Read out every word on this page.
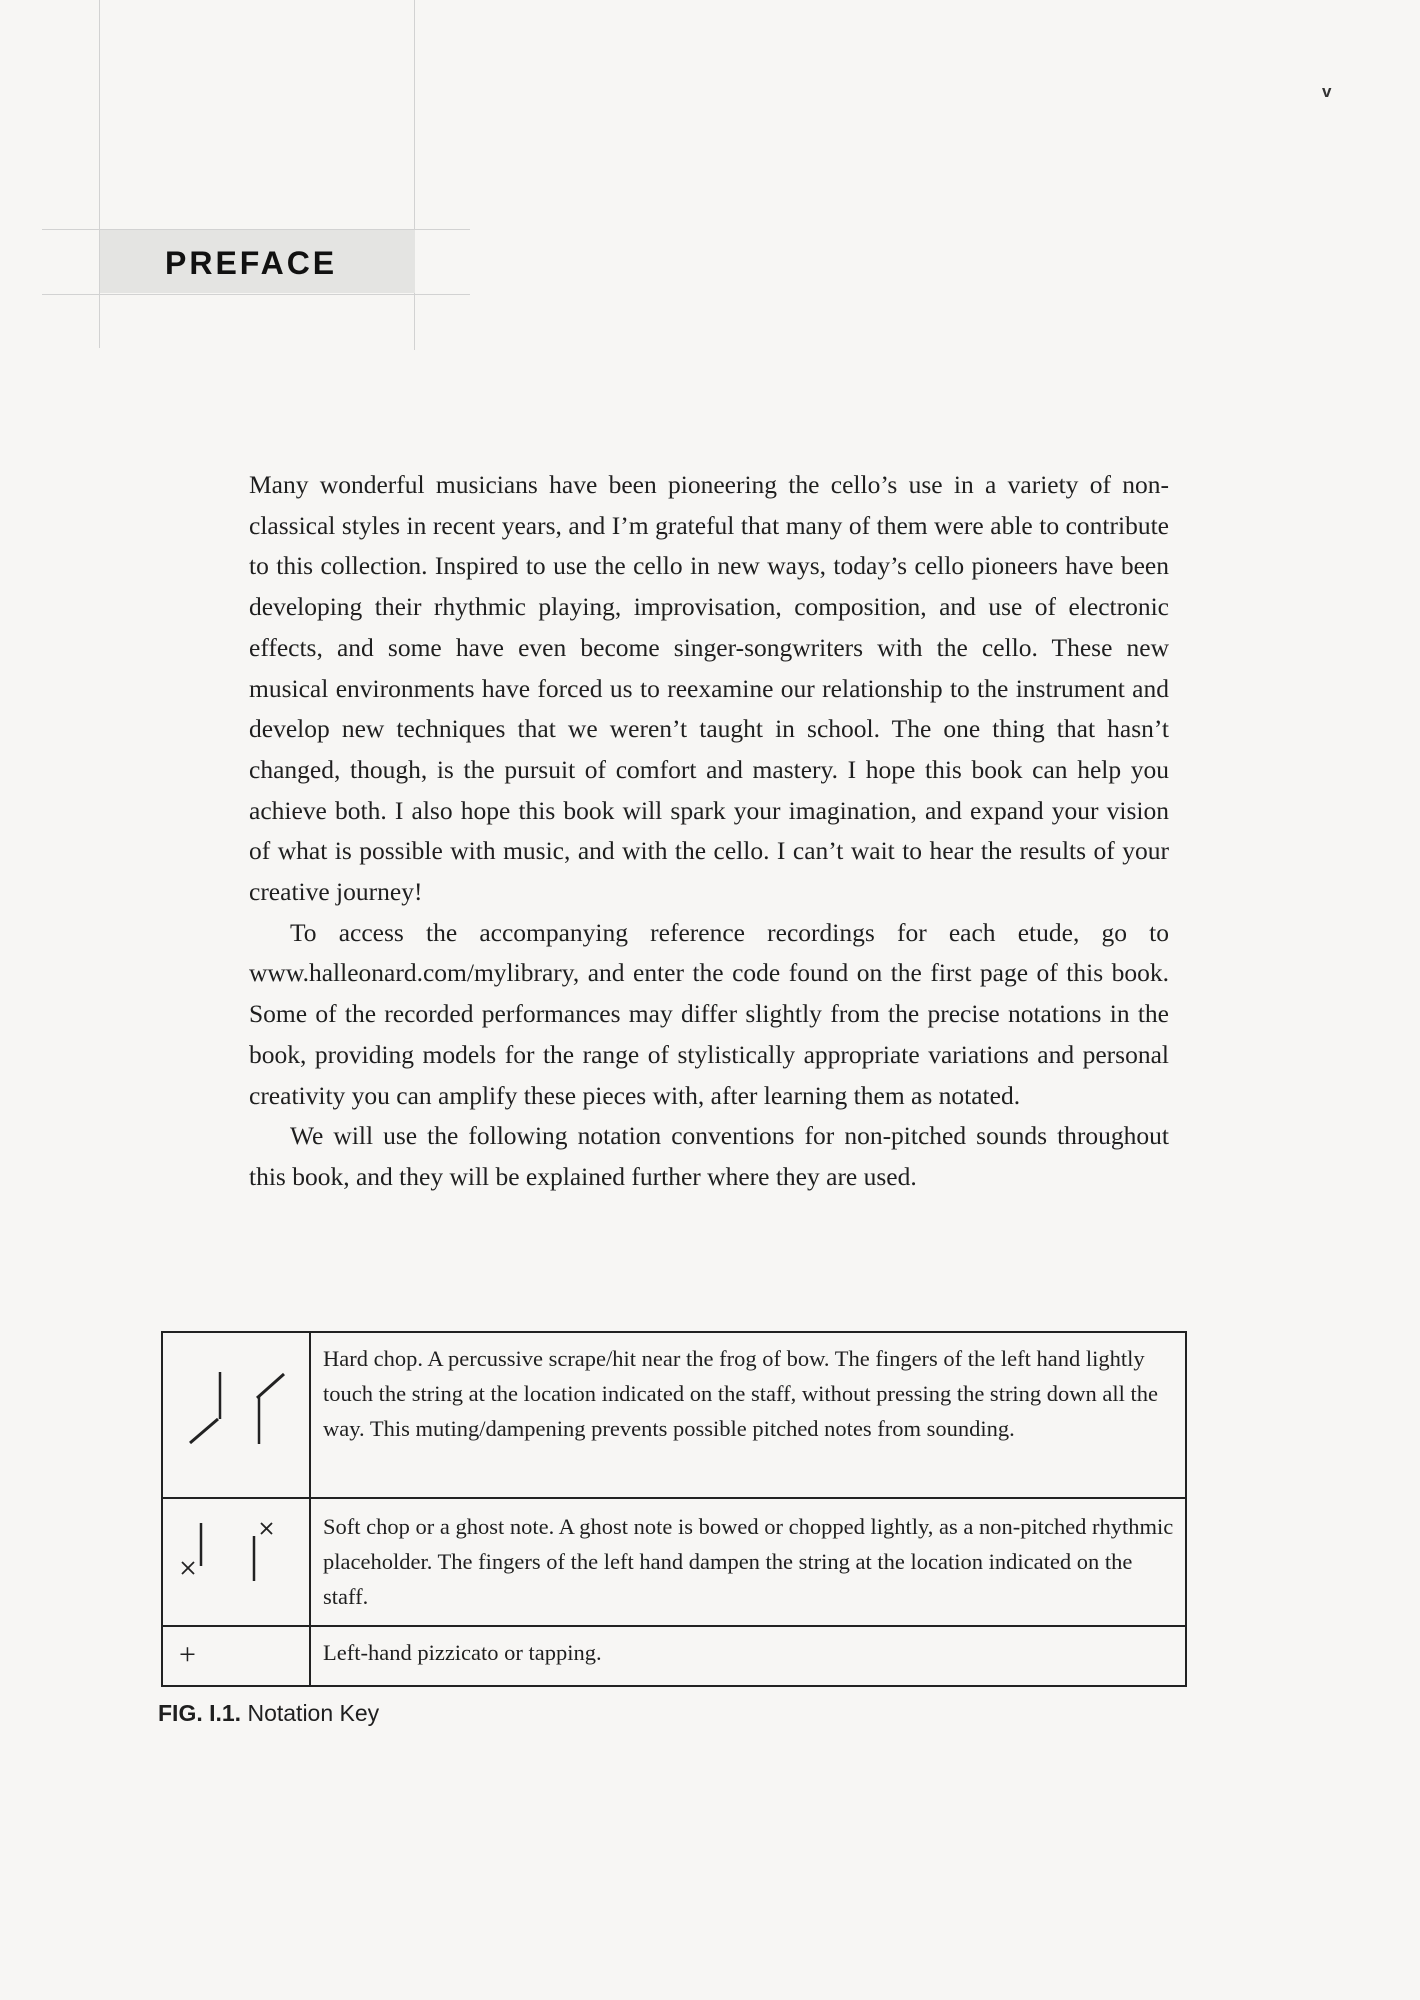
v
PREFACE

Many wonderful musicians have been pioneering the cello’s use in a variety of non-classical styles in recent years, and I’m grateful that many of them were able to contribute to this collection. Inspired to use the cello in new ways, today’s cello pioneers have been developing their rhythmic playing, improvisation, composition, and use of electronic effects, and some have even become singer-songwriters with the cello. These new musical environments have forced us to reexamine our relationship to the instrument and develop new techniques that we weren’t taught in school. The one thing that hasn’t changed, though, is the pursuit of comfort and mastery. I hope this book can help you achieve both. I also hope this book will spark your imagination, and expand your vision of what is possible with music, and with the cello. I can’t wait to hear the results of your creative journey!

To access the accompanying reference recordings for each etude, go to www.halleonard.com/mylibrary, and enter the code found on the first page of this book. Some of the recorded performances may differ slightly from the precise notations in the book, providing models for the range of stylistically appropriate variations and personal creativity you can amplify these pieces with, after learning them as notated.

We will use the following notation conventions for non-pitched sounds throughout this book, and they will be explained further where they are used.

Hard chop. A percussive scrape/hit near the frog of bow. The fingers of the left hand lightly touch the string at the location indicated on the staff, without pressing the string down all the way. This muting/dampening prevents possible pitched notes from sounding.
Soft chop or a ghost note. A ghost note is bowed or chopped lightly, as a non-pitched rhythmic placeholder. The fingers of the left hand dampen the string at the location indicated on the staff.
+	Left-hand pizzicato or tapping.
FIG. I.1. Notation Key
